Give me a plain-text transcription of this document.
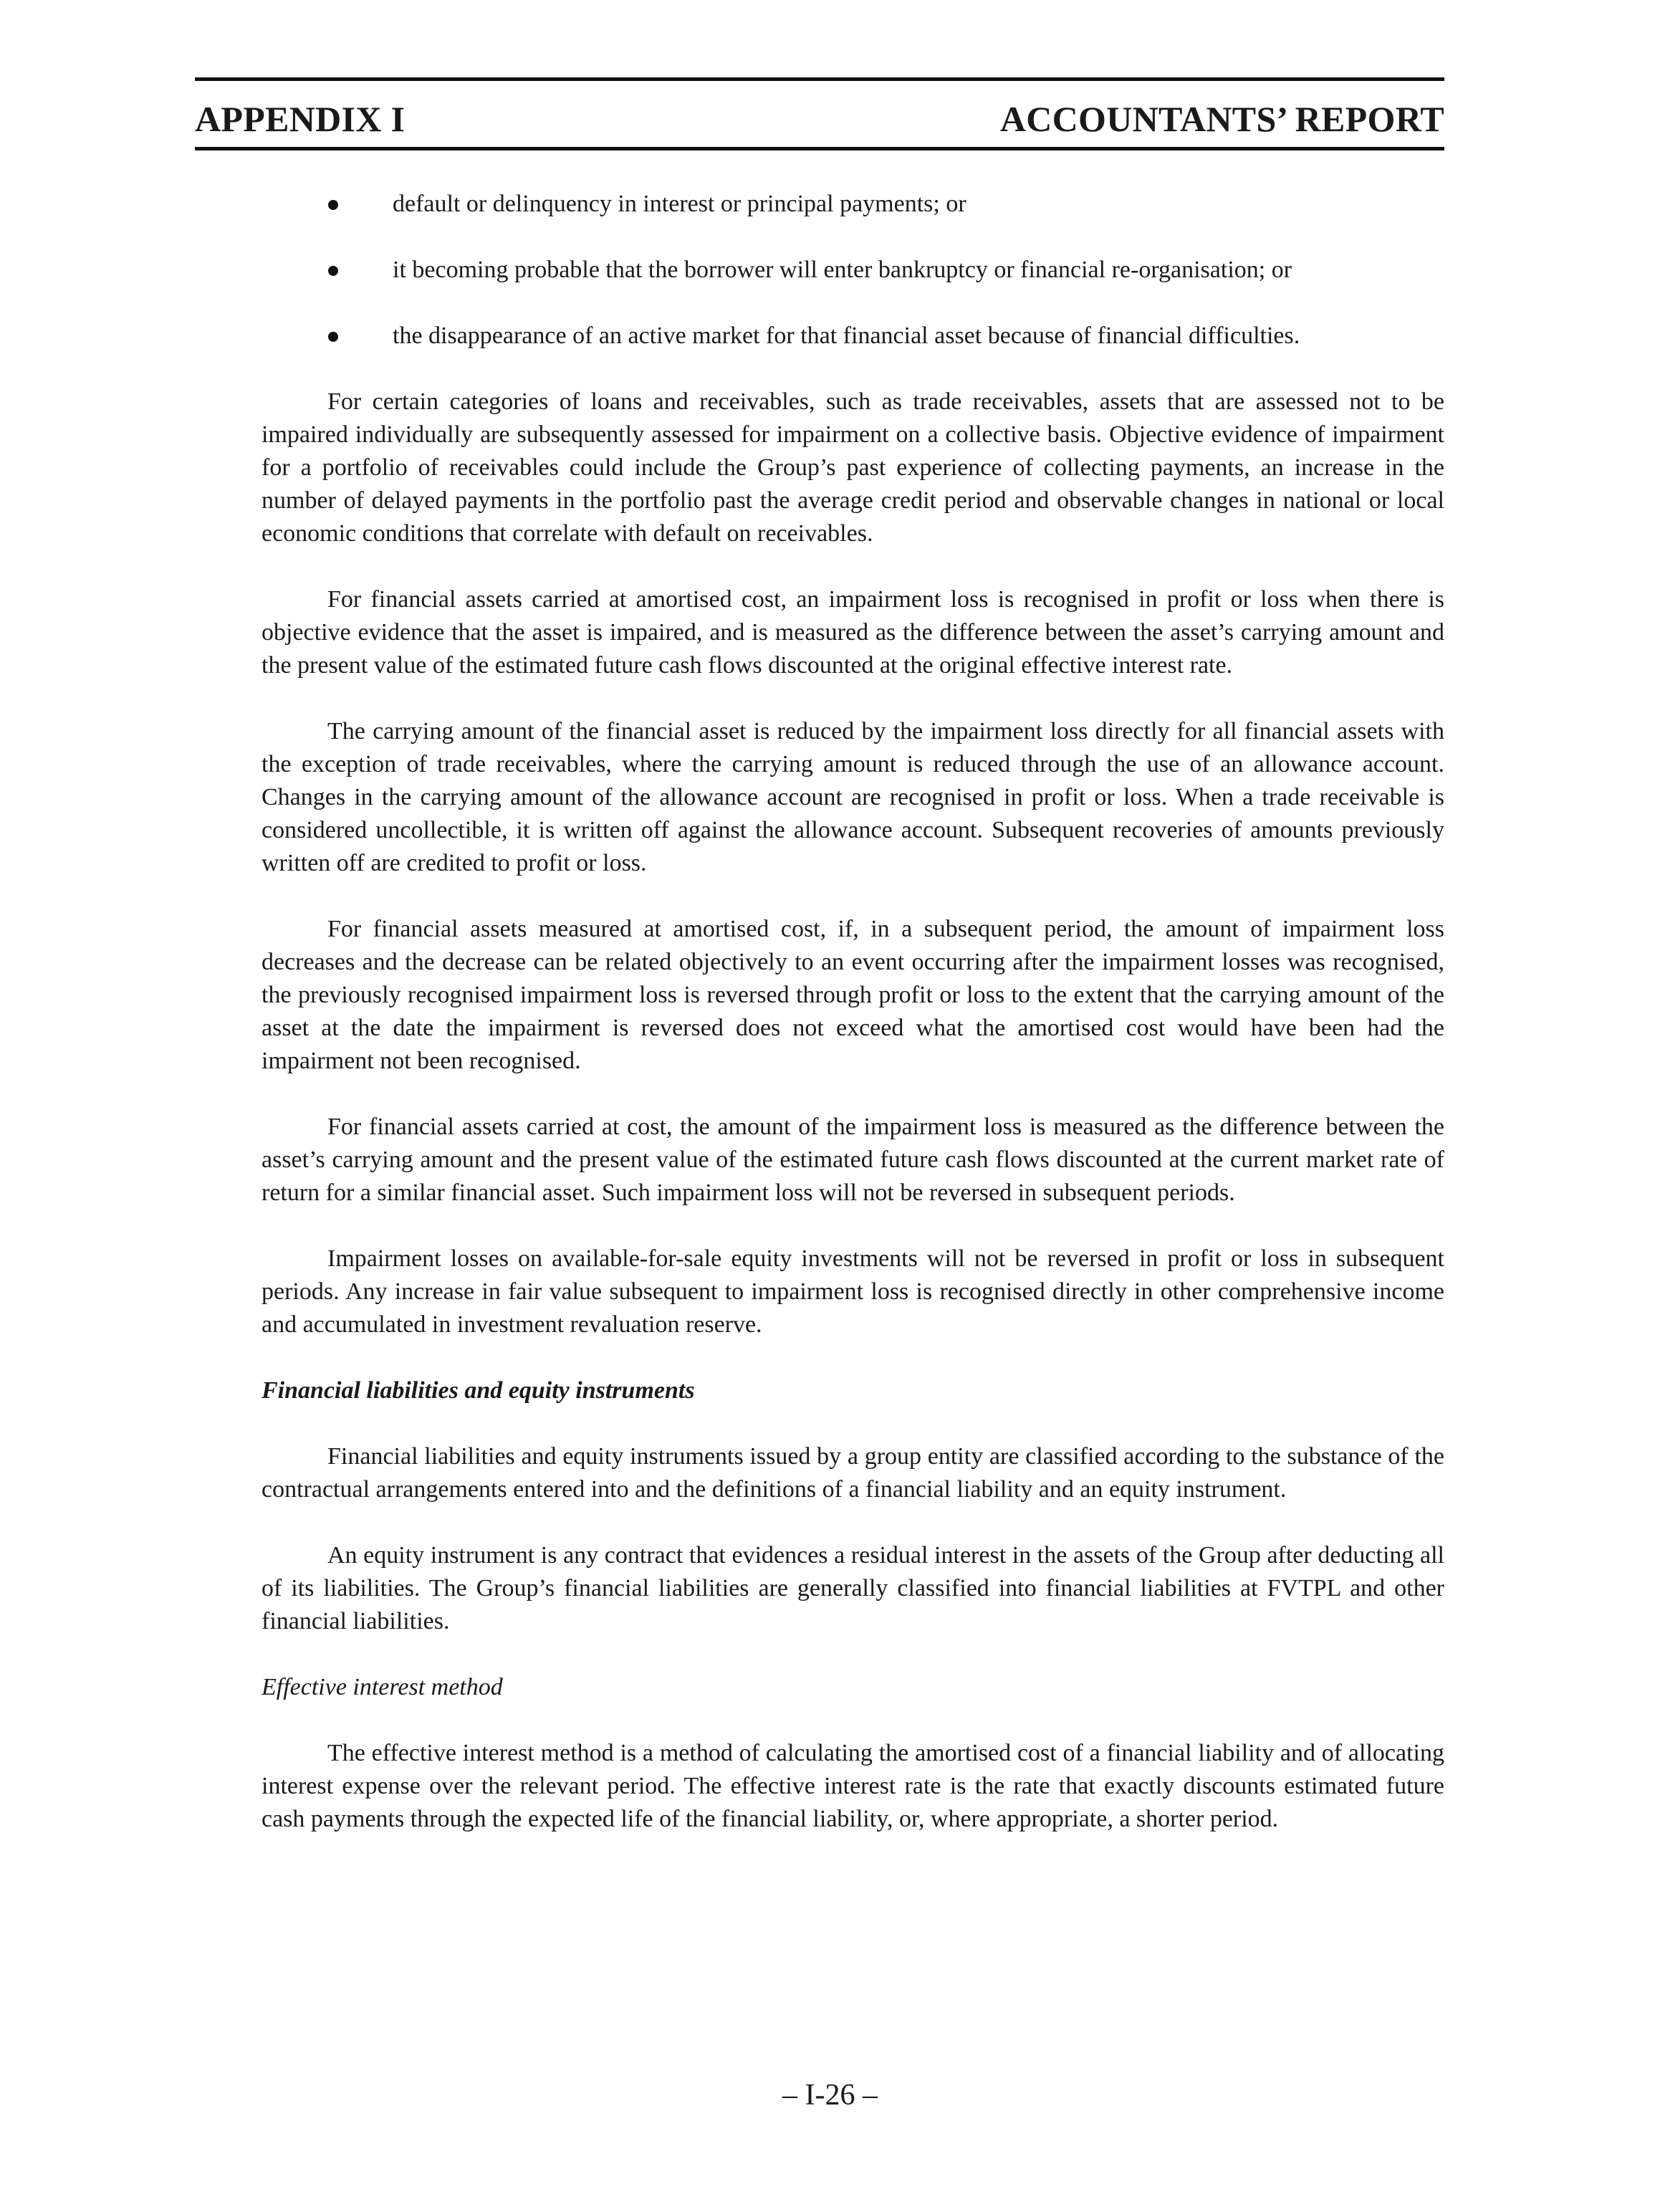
APPENDIX I	ACCOUNTANTS’ REPORT
default or delinquency in interest or principal payments; or
it becoming probable that the borrower will enter bankruptcy or financial re-organisation; or
the disappearance of an active market for that financial asset because of financial difficulties.

For certain categories of loans and receivables, such as trade receivables, assets that are assessed not to be impaired individually are subsequently assessed for impairment on a collective basis. Objective evidence of impairment for a portfolio of receivables could include the Group’s past experience of collecting payments, an increase in the number of delayed payments in the portfolio past the average credit period and observable changes in national or local economic conditions that correlate with default on receivables.

For financial assets carried at amortised cost, an impairment loss is recognised in profit or loss when there is objective evidence that the asset is impaired, and is measured as the difference between the asset’s carrying amount and the present value of the estimated future cash flows discounted at the original effective interest rate.

The carrying amount of the financial asset is reduced by the impairment loss directly for all financial assets with the exception of trade receivables, where the carrying amount is reduced through the use of an allowance account. Changes in the carrying amount of the allowance account are recognised in profit or loss. When a trade receivable is considered uncollectible, it is written off against the allowance account. Subsequent recoveries of amounts previously written off are credited to profit or loss.

For financial assets measured at amortised cost, if, in a subsequent period, the amount of impairment loss decreases and the decrease can be related objectively to an event occurring after the impairment losses was recognised, the previously recognised impairment loss is reversed through profit or loss to the extent that the carrying amount of the asset at the date the impairment is reversed does not exceed what the amortised cost would have been had the impairment not been recognised.

For financial assets carried at cost, the amount of the impairment loss is measured as the difference between the asset’s carrying amount and the present value of the estimated future cash flows discounted at the current market rate of return for a similar financial asset. Such impairment loss will not be reversed in subsequent periods.

Impairment losses on available-for-sale equity investments will not be reversed in profit or loss in subsequent periods. Any increase in fair value subsequent to impairment loss is recognised directly in other comprehensive income and accumulated in investment revaluation reserve.

Financial liabilities and equity instruments

Financial liabilities and equity instruments issued by a group entity are classified according to the substance of the contractual arrangements entered into and the definitions of a financial liability and an equity instrument.

An equity instrument is any contract that evidences a residual interest in the assets of the Group after deducting all of its liabilities. The Group’s financial liabilities are generally classified into financial liabilities at FVTPL and other financial liabilities.

Effective interest method

The effective interest method is a method of calculating the amortised cost of a financial liability and of allocating interest expense over the relevant period. The effective interest rate is the rate that exactly discounts estimated future cash payments through the expected life of the financial liability, or, where appropriate, a shorter period.

– I-26 –
